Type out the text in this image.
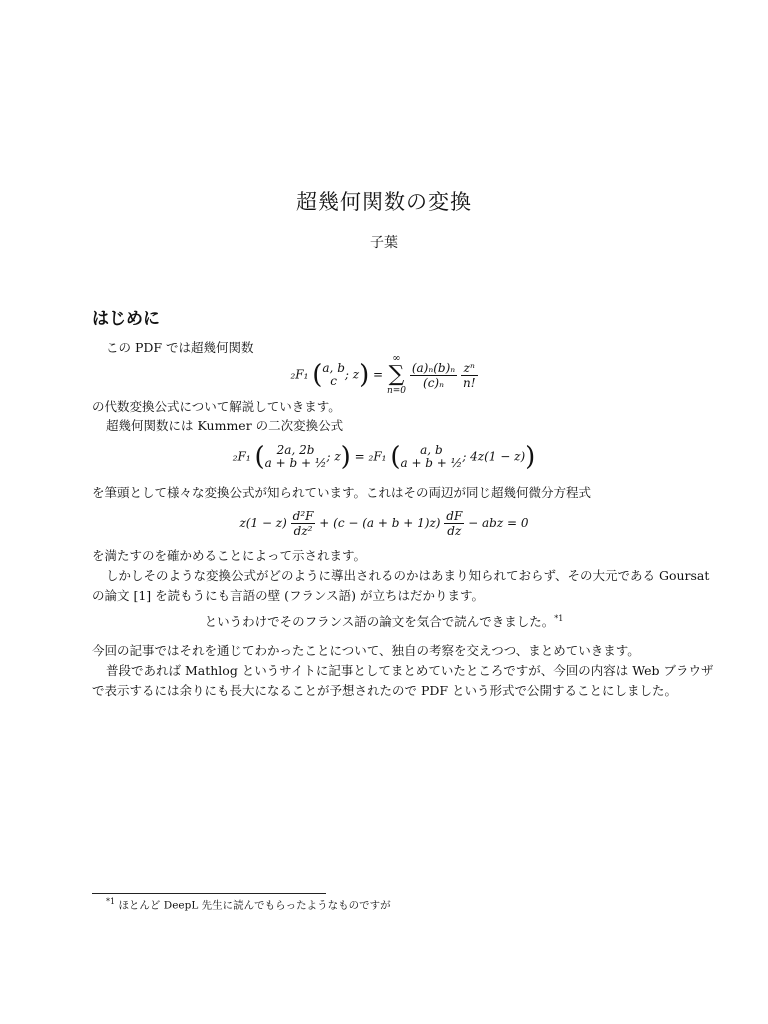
超幾何関数の変換
子葉
はじめに
この PDF では超幾何関数
₂F₁ ( a, b
c ; z) =
∞
∑
n=0

$\frac{\text{(a)ₙ(b)ₙ}}{\text{(c)ₙ}}$
$\frac{\text{zⁿ}}{n!}$
の代数変換公式について解説していきます。
超幾何関数には Kummer の二次変換公式
₂F₁ (	2a, 2b
a + b + ½ ; z) = ₂F₁ (	a, b
a + b + ½ ; 4z(1 − z))
を筆頭として様々な変換公式が知られています。これはその両辺が同じ超幾何微分方程式
$z(1 - z) \frac{\text{d²F}}{\text{dz²}} + (c - (a + b + 1)z) \frac{dF}{dz}$ − abz = 0
を満たすのを確かめることによって示されます。
しかしそのような変換公式がどのように導出されるのかはあまり知られておらず、その大元である Goursat
の論文 [1] を読もうにも言語の壁 (フランス語) が立ちはだかります。
というわけでそのフランス語の論文を気合で読んできました。$^{*1}$
今回の記事ではそれを通じてわかったことについて、独自の考察を交えつつ、まとめていきます。
普段であれば Mathlog というサイトに記事としてまとめていたところですが、今回の内容は Web ブラウザ
で表示するには余りにも長大になることが予想されたので PDF という形式で公開することにしました。
$^{*1}$ ほとんど DeepL 先生に読んでもらったようなものですが
